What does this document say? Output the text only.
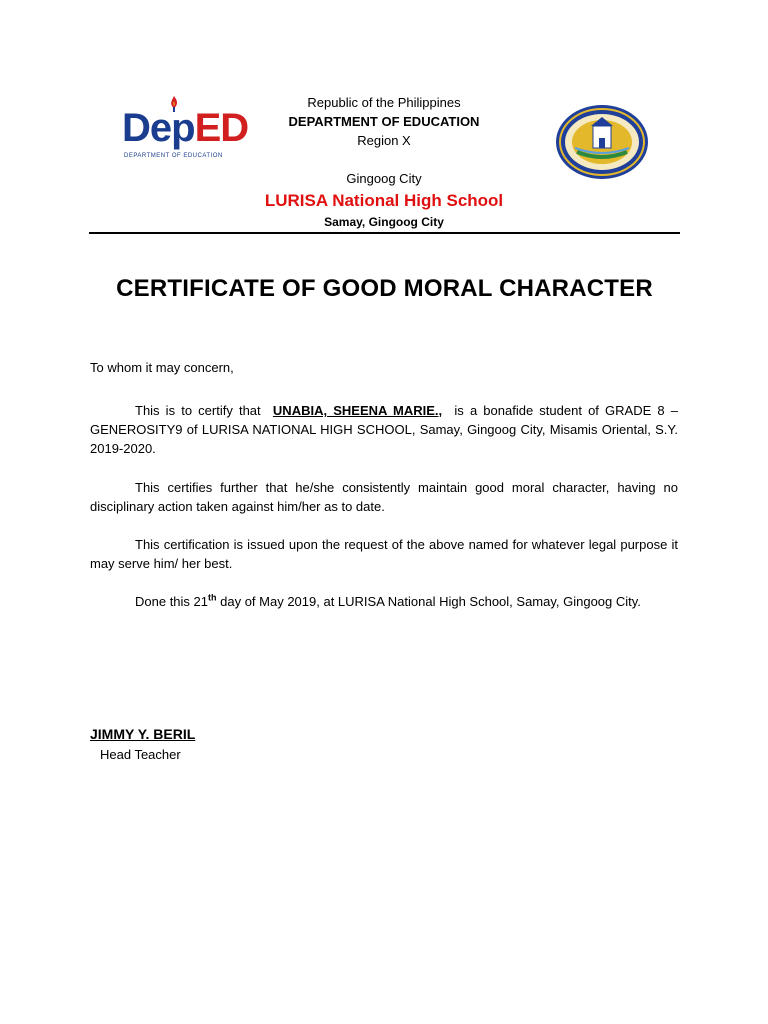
DepED
DEPARTMENT OF EDUCATION
Republic of the Philippines
DEPARTMENT OF EDUCATION
Region X
Gingoog City
LURISA National High School
Samay, Gingoog City
CERTIFICATE OF GOOD MORAL CHARACTER
To whom it may concern,
This is to certify that UNABIA, SHEENA MARIE., is a bonafide student of GRADE 8 – GENEROSITY9 of LURISA NATIONAL HIGH SCHOOL, Samay, Gingoog City, Misamis Oriental, S.Y. 2019-2020.
This certifies further that he/she consistently maintain good moral character, having no disciplinary action taken against him/her as to date.
This certification is issued upon the request of the above named for whatever legal purpose it may serve him/ her best.
Done this 21th day of May 2019, at LURISA National High School, Samay, Gingoog City.
JIMMY Y. BERIL
Head Teacher
